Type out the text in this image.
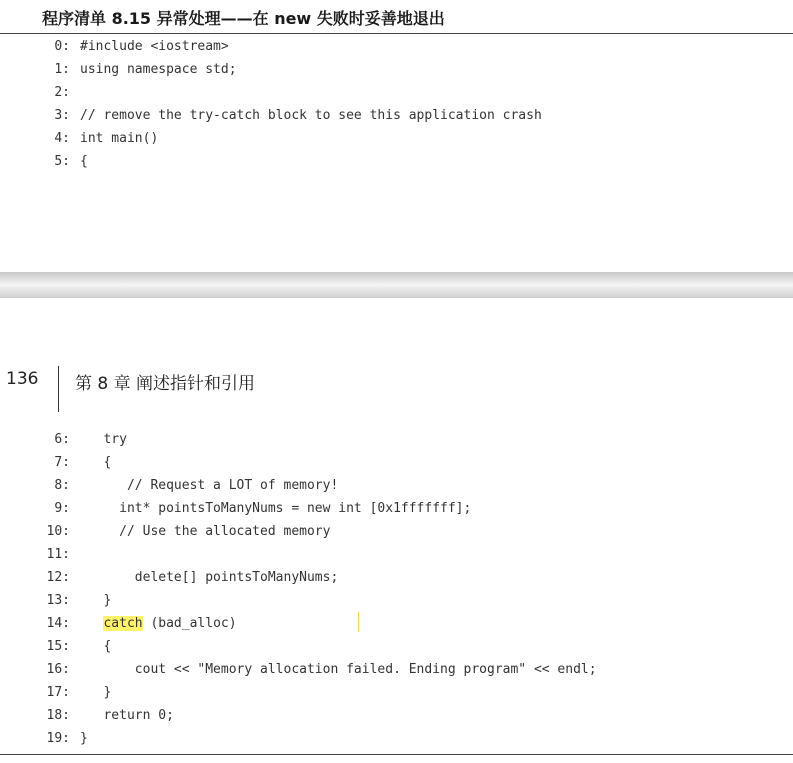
程序清单 8.15 异常处理——在 new 失败时妥善地退出
0: #include <iostream>
1: using namespace std;
2:
3: // remove the try-catch block to see this application crash
4: int main()
5: {
136 第 8 章 阐述指针和引用
6: try
7: {
8: // Request a LOT of memory!
9: int* pointsToManyNums = new int [0x1fffffff];
10: // Use the allocated memory
11:
12: delete[] pointsToManyNums;
13: }
14:	catch (bad_alloc)
15: {
16: cout << "Memory allocation failed. Ending program" << endl;
17: }
18: return 0;
19: }
